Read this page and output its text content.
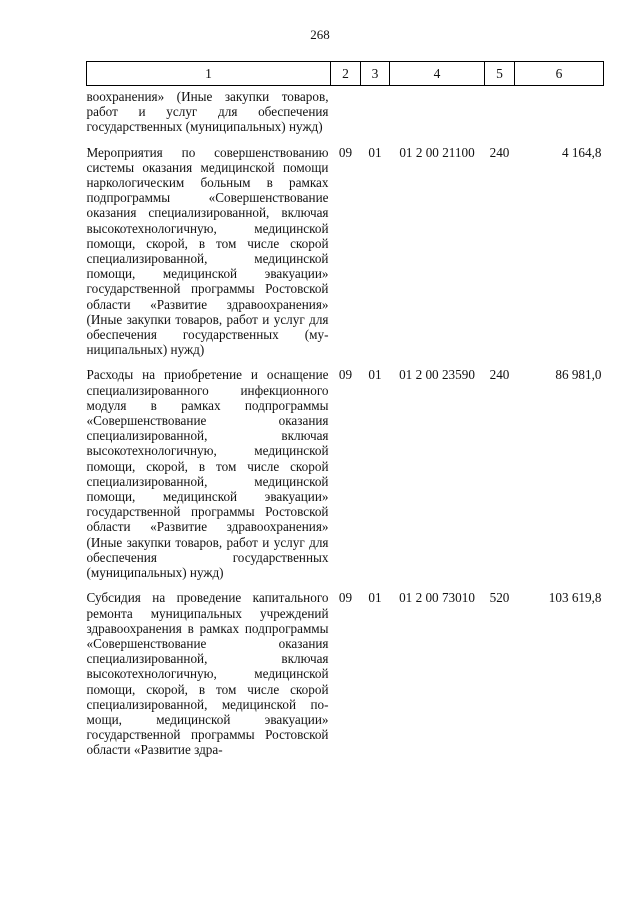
268
1	2	3	4	5	6
воохранения» (Иные закупки товаров, работ и услуг для обеспечения государственных (муниципальных) нужд)					
Мероприятия по совершенствованию системы оказания медицинской помощи наркологическим больным в рамках подпрограммы «Совершенствование оказания специализированной, включая высокотехнологичную, медицинской помощи, скорой, в том числе скорой специализированной, медицинской помощи, медицинской эвакуации» государственной программы Ростовской области «Развитие здравоохранения» (Иные закупки товаров, работ и услуг для обеспечения государственных (муниципальных) нужд)	09	01	01 2 00 21100	240	4 164,8
Расходы на приобретение и оснащение специализированного инфекционного модуля в рамках подпрограммы «Совершенствование оказания специализированной, включая высокотехнологичную, медицинской помощи, скорой, в том числе скорой специализированной, медицинской помощи, медицинской эвакуации» государственной программы Ростовской области «Развитие здравоохранения» (Иные закупки товаров, работ и услуг для обеспечения государственных (муниципальных) нужд)	09	01	01 2 00 23590	240	86 981,0
Субсидия на проведение капитального ремонта муниципальных учреждений здравоохранения в рамках подпрограммы «Совершенствование оказания специализированной, включая высокотехнологичную, медицинской помощи, скорой, в том числе скорой специализированной, медицинской помощи, медицинской эвакуации» государственной программы Ростовской области «Развитие здра-	09	01	01 2 00 73010	520	103 619,8
